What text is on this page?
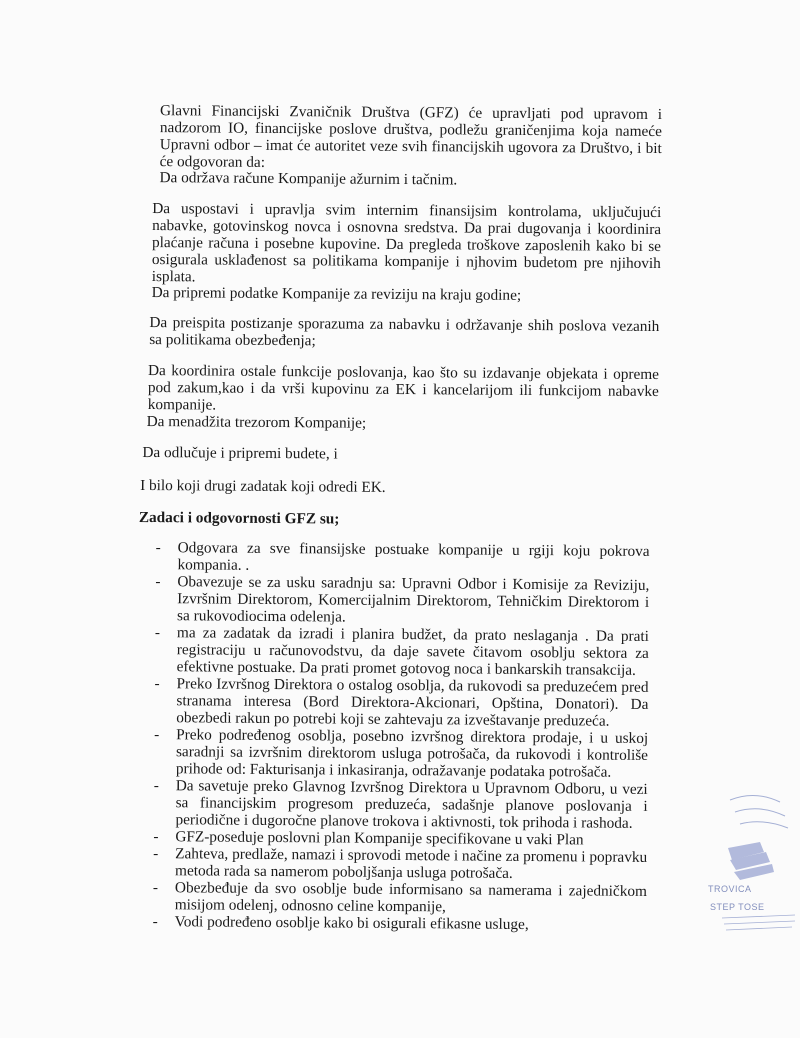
Glavni Financijski Zvaničnik Društva (GFZ) će upravljati pod upravom i nadzorom IO, financijske poslove društva, podležu graničenjima koja nameće Upravni odbor – imat će autoritet veze svih financijskih ugovora za Društvo, i bit će odgovoran da:

Da održava račune Kompanije ažurnim i tačnim.

Da uspostavi i upravlja svim internim finansijsim kontrolama, uključujući nabavke, gotovinskog novca i osnovna sredstva. Da prai dugovanja i koordinira plaćanje računa i posebne kupovine. Da pregleda troškove zaposlenih kako bi se osigurala usklađenost sa politikama kompanije i njhovim budetom pre njihovih isplata.

Da pripremi podatke Kompanije za reviziju na kraju godine;

Da preispita postizanje sporazuma za nabavku i održavanje shih poslova vezanih sa politikama obezbeđenja;

Da koordinira ostale funkcije poslovanja, kao što su izdavanje objekata i opreme pod zakum,kao i da vrši kupovinu za EK i kancelarijom ili funkcijom nabavke kompanije.

Da menadžita trezorom Kompanije;

Da odlučuje i pripremi budete, i

I bilo koji drugi zadatak koji odredi EK.

Zadaci i odgovornosti GFZ su;

- Odgovara za sve finansijske postuake kompanije u rgiji koju pokrova kompania. .
- Obavezuje se za usku saradnju sa: Upravni Odbor i Komisije za Reviziju, Izvršnim Direktorom, Komercijalnim Direktorom, Tehničkim Direktorom i sa rukovodiocima odelenja.
- ma za zadatak da izradi i planira budžet, da prato neslaganja . Da prati registraciju u računovodstvu, da daje savete čitavom osoblju sektora za efektivne postuake. Da prati promet gotovog noca i bankarskih transakcija.
- Preko Izvršnog Direktora o ostalog osoblja, da rukovodi sa preduzećem pred stranama interesa (Bord Direktora-Akcionari, Opština, Donatori). Da obezbedi rakun po potrebi koji se zahtevaju za izveštavanje preduzeća.
- Preko podređenog osoblja, posebno izvršnog direktora prodaje, i u uskoj saradnji sa izvršnim direktorom usluga potrošača, da rukovodi i kontroliše prihode od: Fakturisanja i inkasiranja, odražavanje podataka potrošača.
- Da savetuje preko Glavnog Izvršnog Direktora u Upravnom Odboru, u vezi sa financijskim progresom preduzeća, sadašnje planove poslovanja i periodične i dugoročne planove trokova i aktivnosti, tok prihoda i rashoda.
- GFZ-poseduje poslovni plan Kompanije specifikovane u vaki Plan
- Zahteva, predlaže, namazi i sprovodi metode i načine za promenu i popravku metoda rada sa namerom poboljšanja usluga potrošača.
- Obezbeđuje da svo osoblje bude informisano sa namerama i zajedničkom misijom odelenj, odnosno celine kompanije,
- Vodi podređeno osoblje kako bi osigurali efikasne usluge,
TROVICA
STEP TOSE
